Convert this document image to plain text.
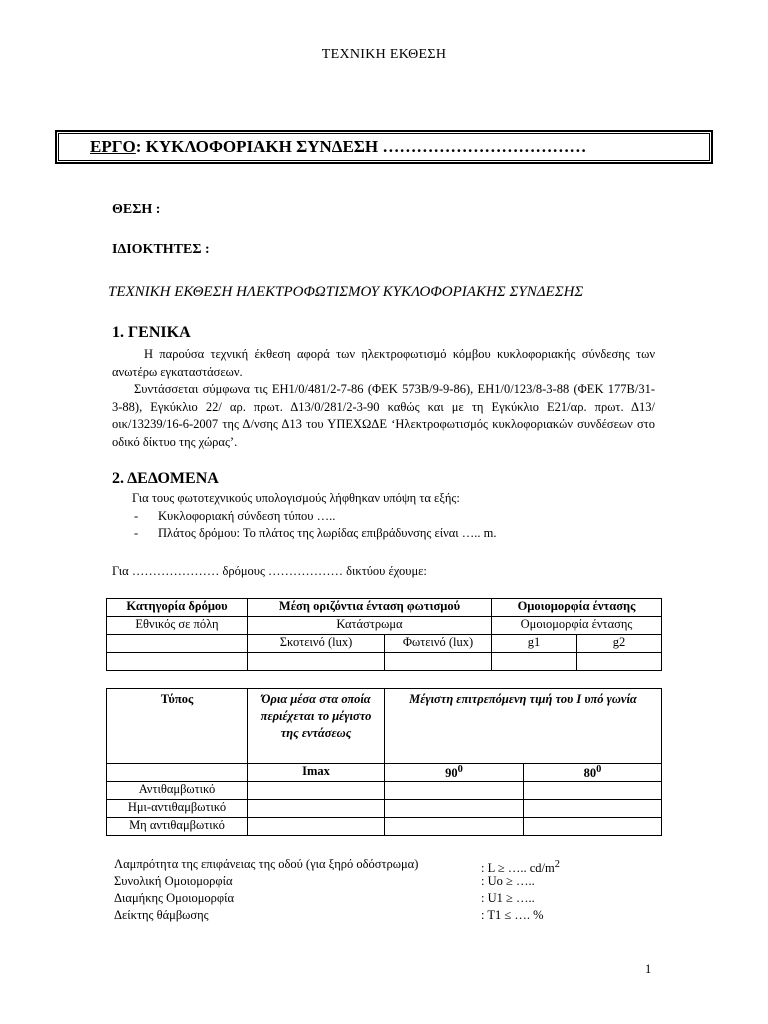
ΤΕΧΝΙΚΗ ΕΚΘΕΣΗ
ΕΡΓΟ: ΚΥΚΛΟΦΟΡΙΑΚΗ ΣΥΝΔΕΣΗ ………………………………
ΘΕΣΗ :
ΙΔΙΟΚΤΗΤΕΣ :
ΤΕΧΝΙΚΗ ΕΚΘΕΣΗ ΗΛΕΚΤΡΟΦΩΤΙΣΜΟΥ ΚΥΚΛΟΦΟΡΙΑΚΗΣ ΣΥΝΔΕΣΗΣ
1. ΓΕΝΙΚΑ

Η παρούσα τεχνική έκθεση αφορά των ηλεκτροφωτισμό κόμβου κυκλοφοριακής σύνδεσης των ανωτέρω εγκαταστάσεων.

Συντάσσεται σύμφωνα τις ΕΗ1/0/481/2-7-86 (ΦΕΚ 573Β/9-9-86), ΕΗ1/0/123/8-3-88 (ΦΕΚ 177Β/31-3-88), Εγκύκλιο 22/ αρ. πρωτ. Δ13/0/281/2-3-90 καθώς και με τη Εγκύκλιο Ε21/αρ. πρωτ. Δ13/οικ/13239/16-6-2007 της Δ/νσης Δ13 του ΥΠΕΧΩΔΕ ‘Ηλεκτροφωτισμός κυκλοφοριακών συνδέσεων στο οδικό δίκτυο της χώρας’.

2. ΔΕΔΟΜΕΝΑ

Για τους φωτοτεχνικούς υπολογισμούς λήφθηκαν υπόψη τα εξής:

- Κυκλοφοριακή σύνδεση τύπου …..
- Πλάτος δρόμου: Το πλάτος της λωρίδας επιβράδυνσης είναι ….. m.
Για ………………… δρόμους ……………… δικτύου έχουμε:
Κατηγορία δρόμου	Μέση οριζόντια ένταση φωτισμού		Ομοιομορφία έντασης	
Εθνικός σε πόλη	Κατάστρωμα		Ομοιομορφία έντασης	
	Σκοτεινό (lux)	Φωτεινό (lux)	g1	g2

Τύπος	Όρια μέσα στα οποία περιέχεται το μέγιστο της εντάσεως	Μέγιστη επιτρεπόμενη τιμή του Ι υπό γωνία	
	Imax	$90^0$	$80^0$
Αντιθαμβωτικό			
Ημι-αντιθαμβωτικό			
Μη αντιθαμβωτικό			
Λαμπρότητα της επιφάνειας της οδού (για ξηρό οδόστρωμα)	: L ≥ ….. $cd/m^2$
Συνολική Ομοιομορφία	: Uo ≥ …..
Διαμήκης Ομοιομορφία	: U1 ≥ …..
Δείκτης θάμβωσης	: T1 ≤ …. %
1
